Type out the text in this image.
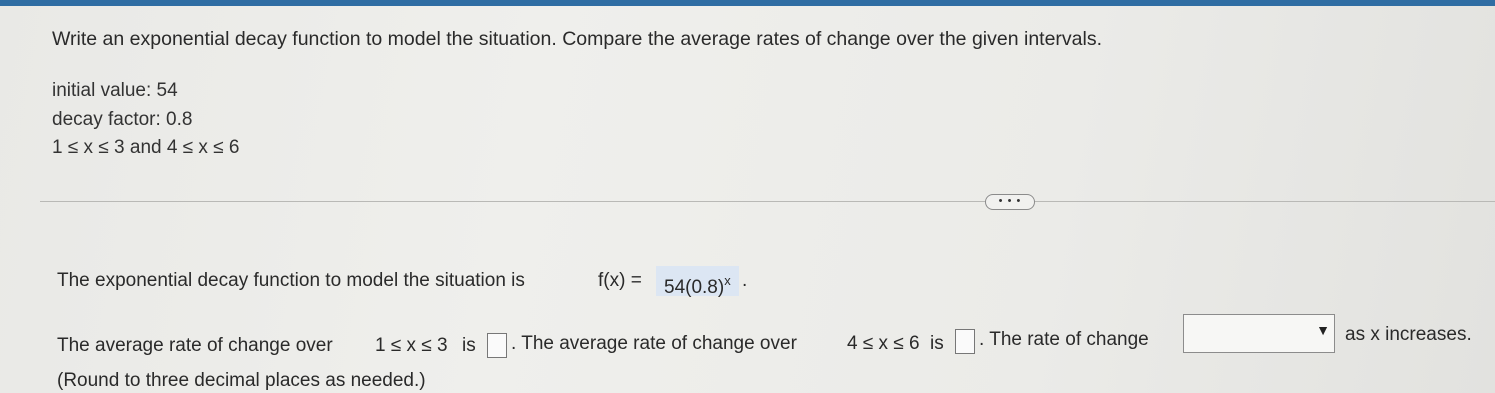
Write an exponential decay function to model the situation. Compare the average rates of change over the given intervals.
initial value: 54
decay factor: 0.8
1 ≤ x ≤ 3 and 4 ≤ x ≤ 6
• • •
The exponential decay function to model the situation is	f(x) =	$54(0.8)^x$ .
The average rate of change over 1 ≤ x ≤ 3 is . The average rate of change over	4 ≤ x ≤ 6 is . The rate of change	▼ as x increases.
(Round to three decimal places as needed.)
